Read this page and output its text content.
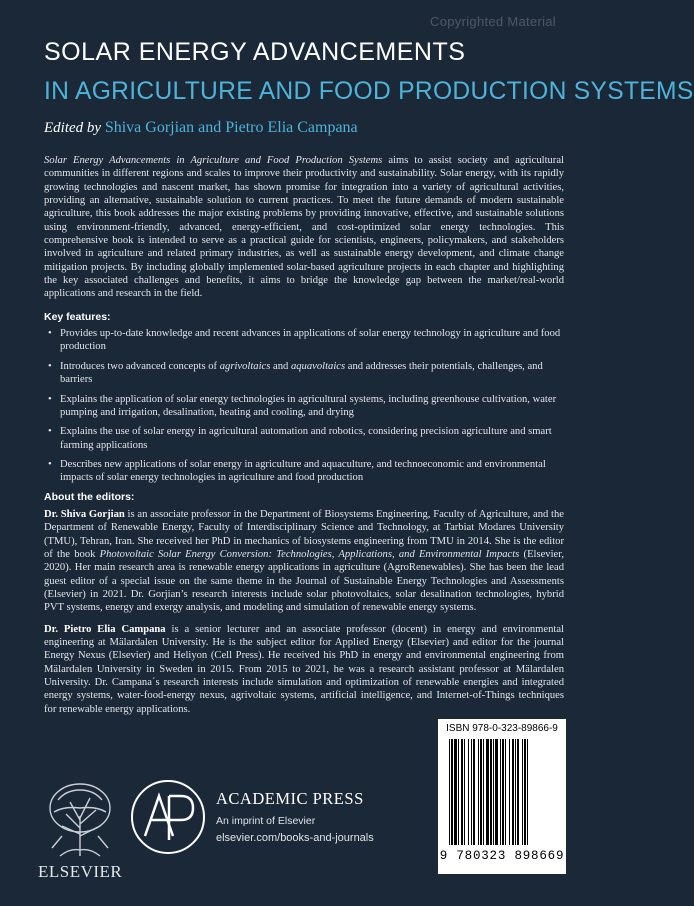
Copyrighted Material
SOLAR ENERGY ADVANCEMENTS
IN AGRICULTURE AND FOOD PRODUCTION SYSTEMS
Edited by Shiva Gorjian and Pietro Elia Campana

Solar Energy Advancements in Agriculture and Food Production Systems aims to assist society and agricultural communities in different regions and scales to improve their productivity and sustainability. Solar energy, with its rapidly growing technologies and nascent market, has shown promise for integration into a variety of agricultural activities, providing an alternative, sustainable solution to current practices. To meet the future demands of modern sustainable agriculture, this book addresses the major existing problems by providing innovative, effective, and sustainable solutions using environment-friendly, advanced, energy-efficient, and cost-optimized solar energy technologies. This comprehensive book is intended to serve as a practical guide for scientists, engineers, policymakers, and stakeholders involved in agriculture and related primary industries, as well as sustainable energy development, and climate change mitigation projects. By including globally implemented solar-based agriculture projects in each chapter and highlighting the key associated challenges and benefits, it aims to bridge the knowledge gap between the market/real-world applications and research in the field.

Key features:

• Provides up-to-date knowledge and recent advances in applications of solar energy technology in agriculture and food production
• Introduces two advanced concepts of agrivoltaics and aquavoltaics and addresses their potentials, challenges, and barriers
• Explains the application of solar energy technologies in agricultural systems, including greenhouse cultivation, water pumping and irrigation, desalination, heating and cooling, and drying
• Explains the use of solar energy in agricultural automation and robotics, considering precision agriculture and smart farming applications
• Describes new applications of solar energy in agriculture and aquaculture, and technoeconomic and environmental impacts of solar energy technologies in agriculture and food production

About the editors:

Dr. Shiva Gorjian is an associate professor in the Department of Biosystems Engineering, Faculty of Agriculture, and the Department of Renewable Energy, Faculty of Interdisciplinary Science and Technology, at Tarbiat Modares University (TMU), Tehran, Iran. She received her PhD in mechanics of biosystems engineering from TMU in 2014. She is the editor of the book Photovoltaic Solar Energy Conversion: Technologies, Applications, and Environmental Impacts (Elsevier, 2020). Her main research area is renewable energy applications in agriculture (AgroRenewables). She has been the lead guest editor of a special issue on the same theme in the Journal of Sustainable Energy Technologies and Assessments (Elsevier) in 2021. Dr. Gorjian’s research interests include solar photovoltaics, solar desalination technologies, hybrid PVT systems, energy and exergy analysis, and modeling and simulation of renewable energy systems.

Dr. Pietro Elia Campana is a senior lecturer and an associate professor (docent) in energy and environmental engineering at Mälardalen University. He is the subject editor for Applied Energy (Elsevier) and editor for the journal Energy Nexus (Elsevier) and Heliyon (Cell Press). He received his PhD in energy and environmental engineering from Mälardalen University in Sweden in 2015. From 2015 to 2021, he was a research assistant professor at Mälardalen University. Dr. Campana´s research interests include simulation and optimization of renewable energies and integrated energy systems, water-food-energy nexus, agrivoltaic systems, artificial intelligence, and Internet-of-Things techniques for renewable energy applications.

ELSEVIER
ACADEMIC PRESS
An imprint of Elsevier
elsevier.com/books-and-journals
ISBN 978-0-323-89866-9
9 780323 898669
